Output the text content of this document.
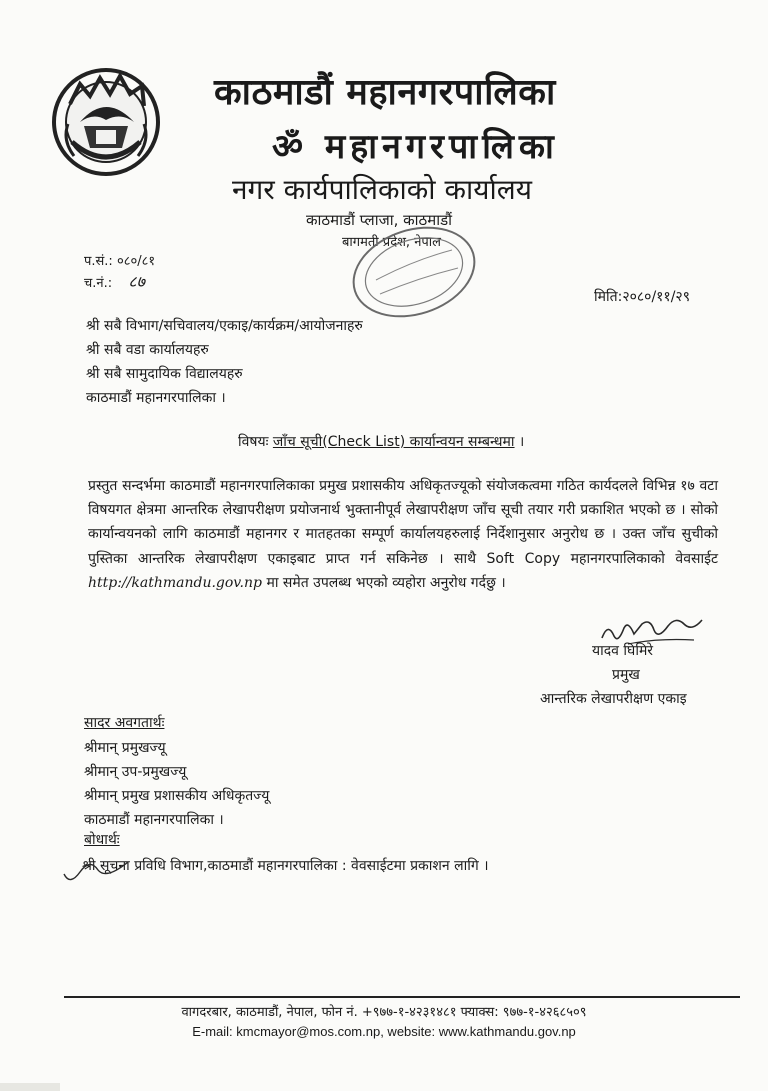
काठमाडौं महानगरपालिका
ॐ महानगरपालिका
नगर कार्यपालिकाको कार्यालय
काठमाडौं प्लाजा, काठमाडौं
बागमती प्रदेश, नेपाल
प.सं.: ०८०/८१
च.नं.: ८७
मिति:२०८०/११/२९
श्री सबै विभाग/सचिवालय/एकाइ/कार्यक्रम/आयोजनाहरु
श्री सबै वडा कार्यालयहरु
श्री सबै सामुदायिक विद्यालयहरु
काठमाडौं महानगरपालिका ।
विषयः जाँच सूची(Check List) कार्यान्वयन सम्बन्धमा ।
प्रस्तुत सन्दर्भमा काठमाडौं महानगरपालिकाका प्रमुख प्रशासकीय अधिकृतज्यूको संयोजकत्वमा गठित कार्यदलले विभिन्न १७ वटा विषयगत क्षेत्रमा आन्तरिक लेखापरीक्षण प्रयोजनार्थ भुक्तानीपूर्व लेखापरीक्षण जाँच सूची तयार गरी प्रकाशित भएको छ । सोको कार्यान्वयनको लागि काठमाडौं महानगर र मातहतका सम्पूर्ण कार्यालयहरुलाई निर्देशानुसार अनुरोध छ । उक्त जाँच सुचीको पुस्तिका आन्तरिक लेखापरीक्षण एकाइबाट प्राप्त गर्न सकिनेछ । साथै Soft Copy महानगरपालिकाको वेवसाईट http://kathmandu.gov.np मा समेत उपलब्ध भएको व्यहोरा अनुरोध गर्दछु ।
यादव घिमिरे
प्रमुख
आन्तरिक लेखापरीक्षण एकाइ
सादर अवगतार्थः
श्रीमान् प्रमुखज्यू
श्रीमान् उप-प्रमुखज्यू
श्रीमान् प्रमुख प्रशासकीय अधिकृतज्यू
काठमाडौं महानगरपालिका ।
बोधार्थः
श्री सूचना प्रविधि विभाग,काठमाडौं महानगरपालिका : वेवसाईटमा प्रकाशन लागि ।
वागदरबार, काठमाडौं, नेपाल, फोन नं. +९७७-१-४२३१४८१ फ्याक्स: ९७७-१-४२६८५०९
E-mail: kmcmayor@mos.com.np, website: www.kathmandu.gov.np
